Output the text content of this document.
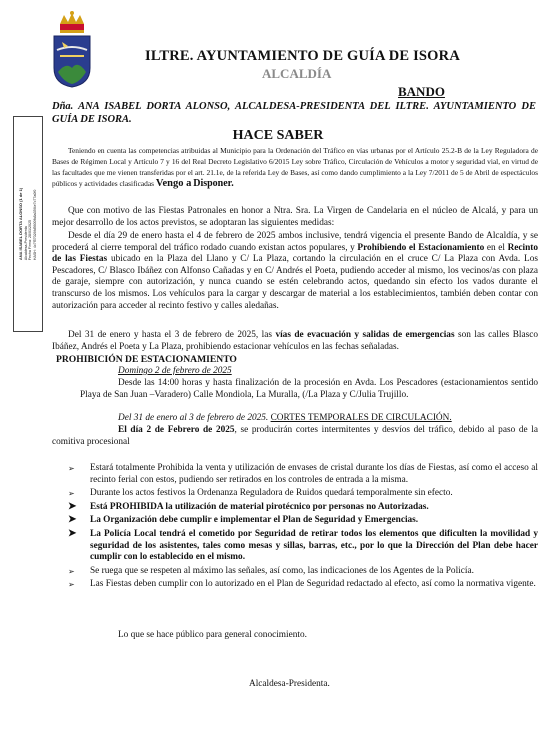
ANA ISABEL DORTA ALONSO (1 de 1) Alcaldesa-Presidenta Fecha Firma: 28/01/2025 HASH: 4c7f57026fd5600fb8a35f4e7c77a0f0
ILTRE. AYUNTAMIENTO DE GUÍA DE ISORA
ALCALDÍA
BANDO
Dña. ANA ISABEL DORTA ALONSO, ALCALDESA-PRESIDENTA DEL ILTRE. AYUNTAMIENTO DE GUÍA DE ISORA.
HACE SABER
Teniendo en cuenta las competencias atribuidas al Municipio para la Ordenación del Tráfico en vías urbanas por el Artículo 25.2-B de la Ley Reguladora de Bases de Régimen Local y Artículo 7 y 16 del Real Decreto Legislativo 6/2015 Ley sobre Tráfico, Circulación de Vehículos a motor y seguridad vial, en virtud de las facultades que me vienen transferidas por el art. 21.1e, de la referida Ley de Bases, así como dando cumplimiento a la Ley 7/2011 de 5 de Abril de espectáculos públicos y actividades clasificadas Vengo a Disponer.
Que con motivo de las Fiestas Patronales en honor a Ntra. Sra. La Virgen de Candelaria en el núcleo de Alcalá, y para un mejor desarrollo de los actos previstos, se adoptaran las siguientes medidas:
Desde el día 29 de enero hasta el 4 de febrero de 2025 ambos inclusive, tendrá vigencia el presente Bando de Alcaldía, y se procederá al cierre temporal del tráfico rodado cuando existan actos populares, y Prohibiendo el Estacionamiento en el Recinto de las Fiestas ubicado en la Plaza del Llano y C/ La Plaza, cortando la circulación en el cruce C/ La Plaza con Avda. Los Pescadores, C/ Blasco Ibáñez con Alfonso Cañadas y en C/ Andrés el Poeta, pudiendo acceder al mismo, los vecinos/as con plaza de garaje, siempre con autorización, y nunca cuando se estén celebrando actos, quedando sin efecto los vados durante el transcurso de los mismos. Los vehículos para la cargar y descargar de material a los establecimientos, también deben contar con autorización para acceder al recinto festivo y calles aledañas.
Del 31 de enero y hasta el 3 de febrero de 2025, las vías de evacuación y salidas de emergencias son las calles Blasco Ibáñez, Andrés el Poeta y La Plaza, prohibiendo estacionar vehículos en las fechas señaladas.
PROHIBICIÓN DE ESTACIONAMIENTO
Domingo 2 de febrero de 2025
Desde las 14:00 horas y hasta finalización de la procesión en Avda. Los Pescadores (estacionamientos sentido Playa de San Juan –Varadero) Calle Mondiola, La Muralla, (/La Plaza y C/Julia Trujillo.
Del 31 de enero al 3 de febrero de 2025. CORTES TEMPORALES DE CIRCULACIÓN.
El día 2 de Febrero de 2025, se producirán cortes intermitentes y desvíos del tráfico, debido al paso de la comitiva procesional
➢ Estará totalmente Prohibida la venta y utilización de envases de cristal durante los días de Fiestas, así como el acceso al recinto ferial con estos, pudiendo ser retirados en los controles de entrada a la misma.
➢ Durante los actos festivos la Ordenanza Reguladora de Ruidos quedará temporalmente sin efecto.
➤ Está PROHIBIDA la utilización de material pirotécnico por personas no Autorizadas.
➤ La Organización debe cumplir e implementar el Plan de Seguridad y Emergencias.
➤ La Policía Local tendrá el cometido por Seguridad de retirar todos los elementos que dificulten la movilidad y seguridad de los asistentes, tales como mesas y sillas, barras, etc., por lo que la Dirección del Plan debe hacer cumplir con lo establecido en el mismo.
➢ Se ruega que se respeten al máximo las señales, así como, las indicaciones de los Agentes de la Policía.
➢ Las Fiestas deben cumplir con lo autorizado en el Plan de Seguridad redactado al efecto, así como la normativa vigente.
Lo que se hace público para general conocimiento.
Alcaldesa-Presidenta.
